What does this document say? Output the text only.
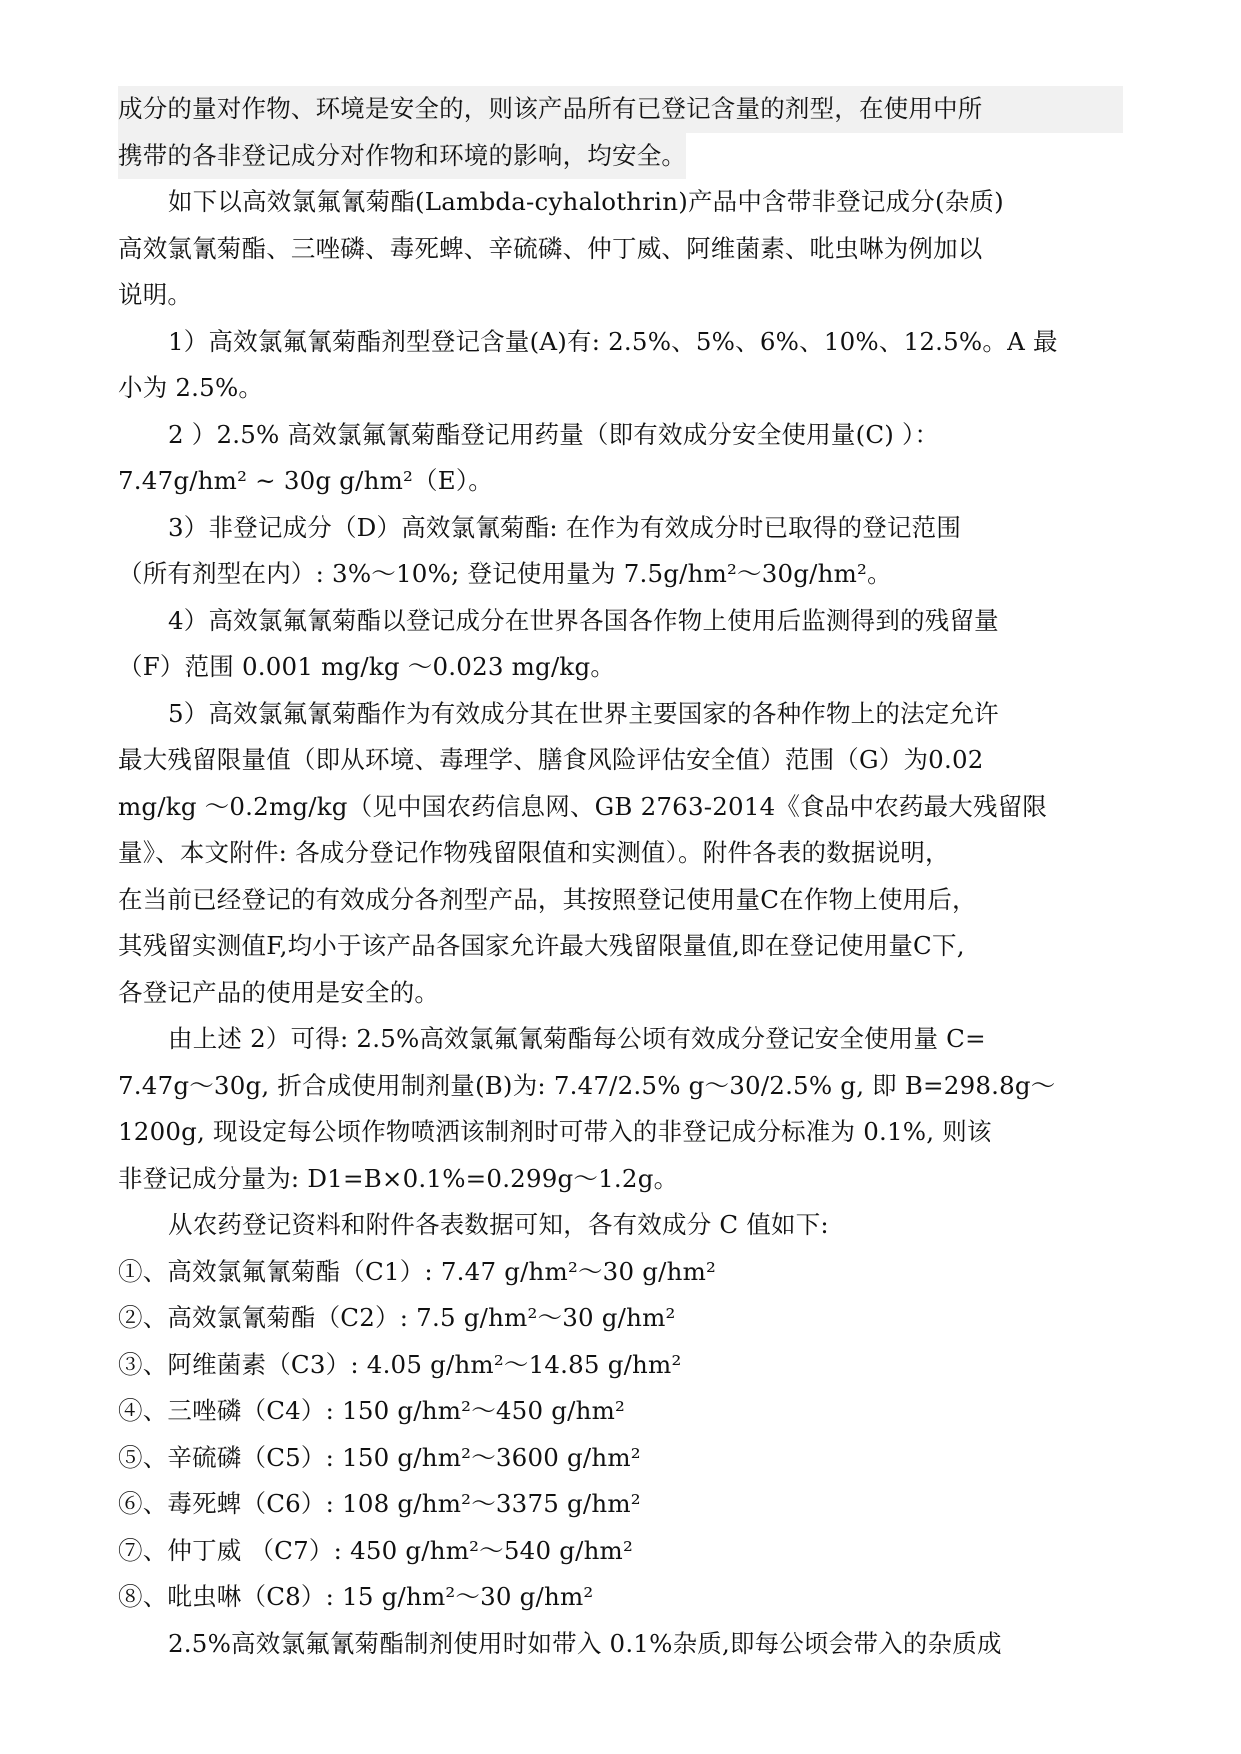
成分的量对作物、环境是安全的，则该产品所有已登记含量的剂型，在使用中所
携带的各非登记成分对作物和环境的影响，均安全。
如下以高效氯氟氰菊酯(Lambda-cyhalothrin)产品中含带非登记成分(杂质)
高效氯氰菊酯、三唑磷、毒死蜱、辛硫磷、仲丁威、阿维菌素、吡虫啉为例加以
说明。
1）高效氯氟氰菊酯剂型登记含量(A)有: 2.5%、5%、6%、10%、12.5%。A 最
小为 2.5%。
2 ）2.5% 高效氯氟氰菊酯登记用药量（即有效成分安全使用量(C) ）：
7.47g/hm² ~ 30g g/hm²（E）。
3）非登记成分（D）高效氯氰菊酯: 在作为有效成分时已取得的登记范围
（所有剂型在内）: 3%～10%; 登记使用量为 7.5g/hm²～30g/hm²。
4）高效氯氟氰菊酯以登记成分在世界各国各作物上使用后监测得到的残留量
（F）范围 0.001 mg/kg ～0.023 mg/kg。
5）高效氯氟氰菊酯作为有效成分其在世界主要国家的各种作物上的法定允许
最大残留限量值（即从环境、毒理学、膳食风险评估安全值）范围（G）为0.02
mg/kg ～0.2mg/kg（见中国农药信息网、GB 2763-2014《食品中农药最大残留限
量》、本文附件: 各成分登记作物残留限值和实测值）。附件各表的数据说明，
在当前已经登记的有效成分各剂型产品，其按照登记使用量C在作物上使用后，
其残留实测值F,均小于该产品各国家允许最大残留限量值,即在登记使用量C下,
各登记产品的使用是安全的。
由上述 2）可得: 2.5%高效氯氟氰菊酯每公顷有效成分登记安全使用量 C=
7.47g～30g, 折合成使用制剂量(B)为: 7.47/2.5% g～30/2.5% g, 即 B=298.8g～
1200g, 现设定每公顷作物喷洒该制剂时可带入的非登记成分标准为 0.1%, 则该
非登记成分量为: D1=B×0.1%=0.299g～1.2g。
从农药登记资料和附件各表数据可知，各有效成分 C 值如下:
①、高效氯氟氰菊酯（C1）: 7.47 g/hm²～30 g/hm²
②、高效氯氰菊酯（C2）: 7.5 g/hm²～30 g/hm²
③、阿维菌素（C3）: 4.05 g/hm²～14.85 g/hm²
④、三唑磷（C4）: 150 g/hm²～450 g/hm²
⑤、辛硫磷（C5）: 150 g/hm²～3600 g/hm²
⑥、毒死蜱（C6）: 108 g/hm²～3375 g/hm²
⑦、仲丁威 （C7）: 450 g/hm²～540 g/hm²
⑧、吡虫啉（C8）: 15 g/hm²～30 g/hm²
2.5%高效氯氟氰菊酯制剂使用时如带入 0.1%杂质,即每公顷会带入的杂质成
